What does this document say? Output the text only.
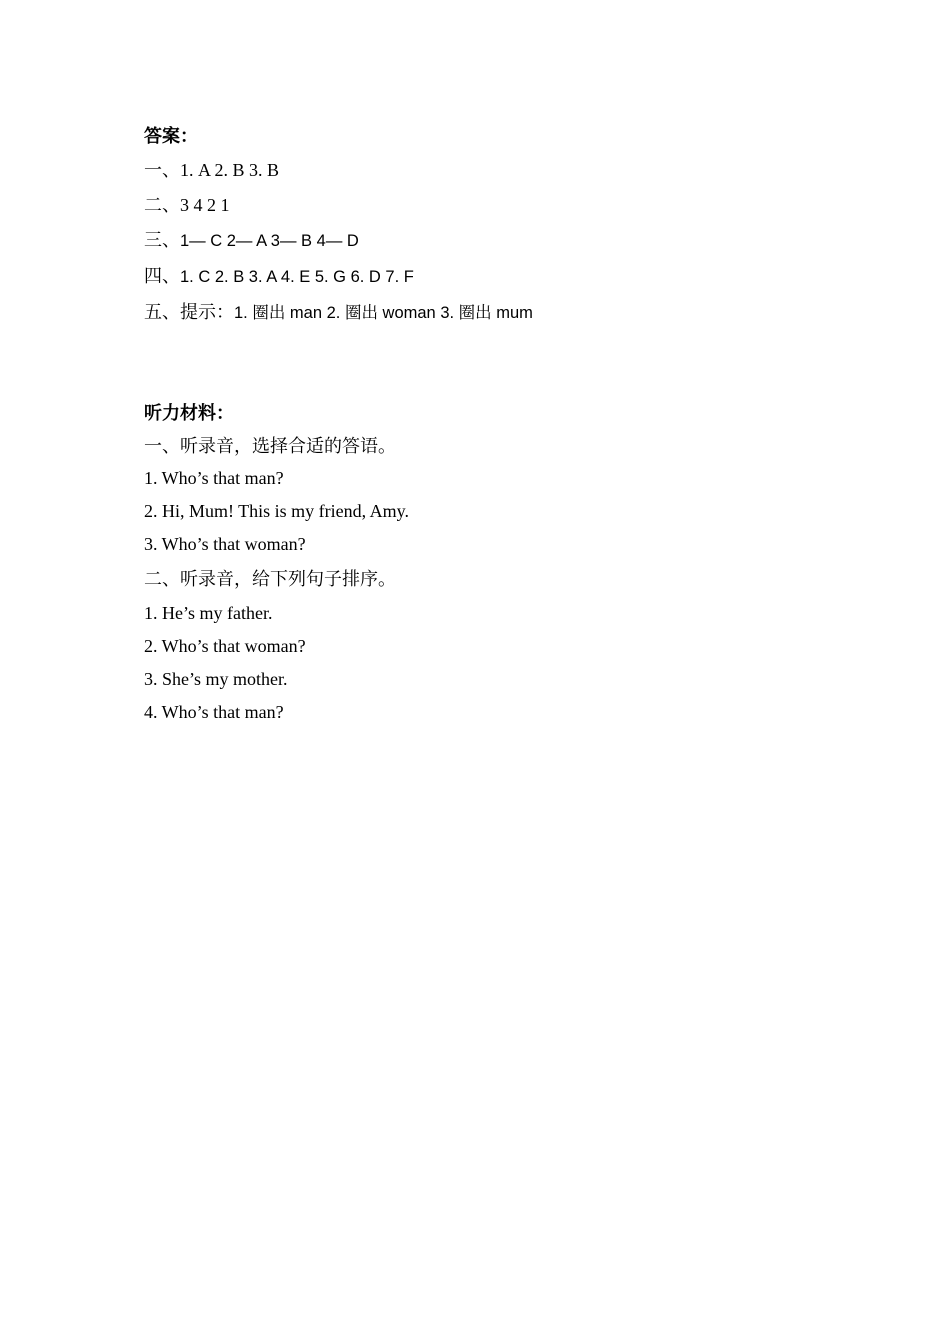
答案：
一、1. A 2. B 3. B
二、3 4 2 1
三、1— C 2— A 3— B 4— D
四、1. C 2. B 3. A 4. E 5. G 6. D 7. F
五、提示：1. 圈出 man 2. 圈出 woman 3. 圈出 mum
听力材料：
一、听录音，选择合适的答语。
1. Who’s that man?
2. Hi, Mum! This is my friend, Amy.
3. Who’s that woman?
二、听录音，给下列句子排序。
1. He’s my father.
2. Who’s that woman?
3. She’s my mother.
4. Who’s that man?
